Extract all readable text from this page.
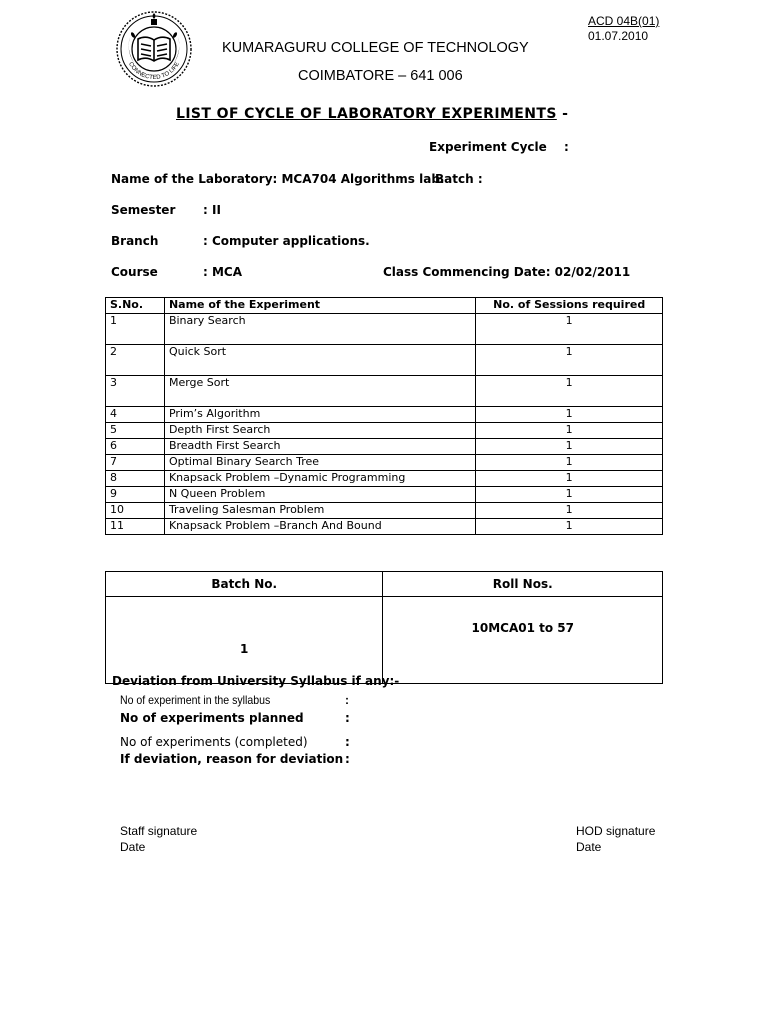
CONNECTED TO LIFE
ACD 04B(01)
01.07.2010
KUMARAGURU COLLEGE OF TECHNOLOGY
COIMBATORE – 641 006
LIST OF CYCLE OF LABORATORY EXPERIMENTS -
Experiment Cycle :
Name of the Laboratory: MCA704 Algorithms lab.
Batch :
Semester : II
Branch	: Computer applications.
Course	: MCA	Class Commencing Date: 02/02/2011
S.No.	Name of the Experiment	No. of Sessions required
1	Binary Search	1
2	Quick Sort	1
3	Merge Sort	1
4	Prim’s Algorithm	1
5	Depth First Search	1
6	Breadth First Search	1
7	Optimal Binary Search Tree	1
8	Knapsack Problem –Dynamic Programming	1
9	N Queen Problem	1
10	Traveling Salesman Problem	1
11	Knapsack Problem –Branch And Bound	1
Batch No.	Roll Nos.
1	10MCA01 to 57
Deviation from University Syllabus if any:-
No of experiment in the syllabus	:
No of experiments planned	:
No of experiments (completed)	:
If deviation, reason for deviation :
Staff signature
Date
HOD signature
Date
